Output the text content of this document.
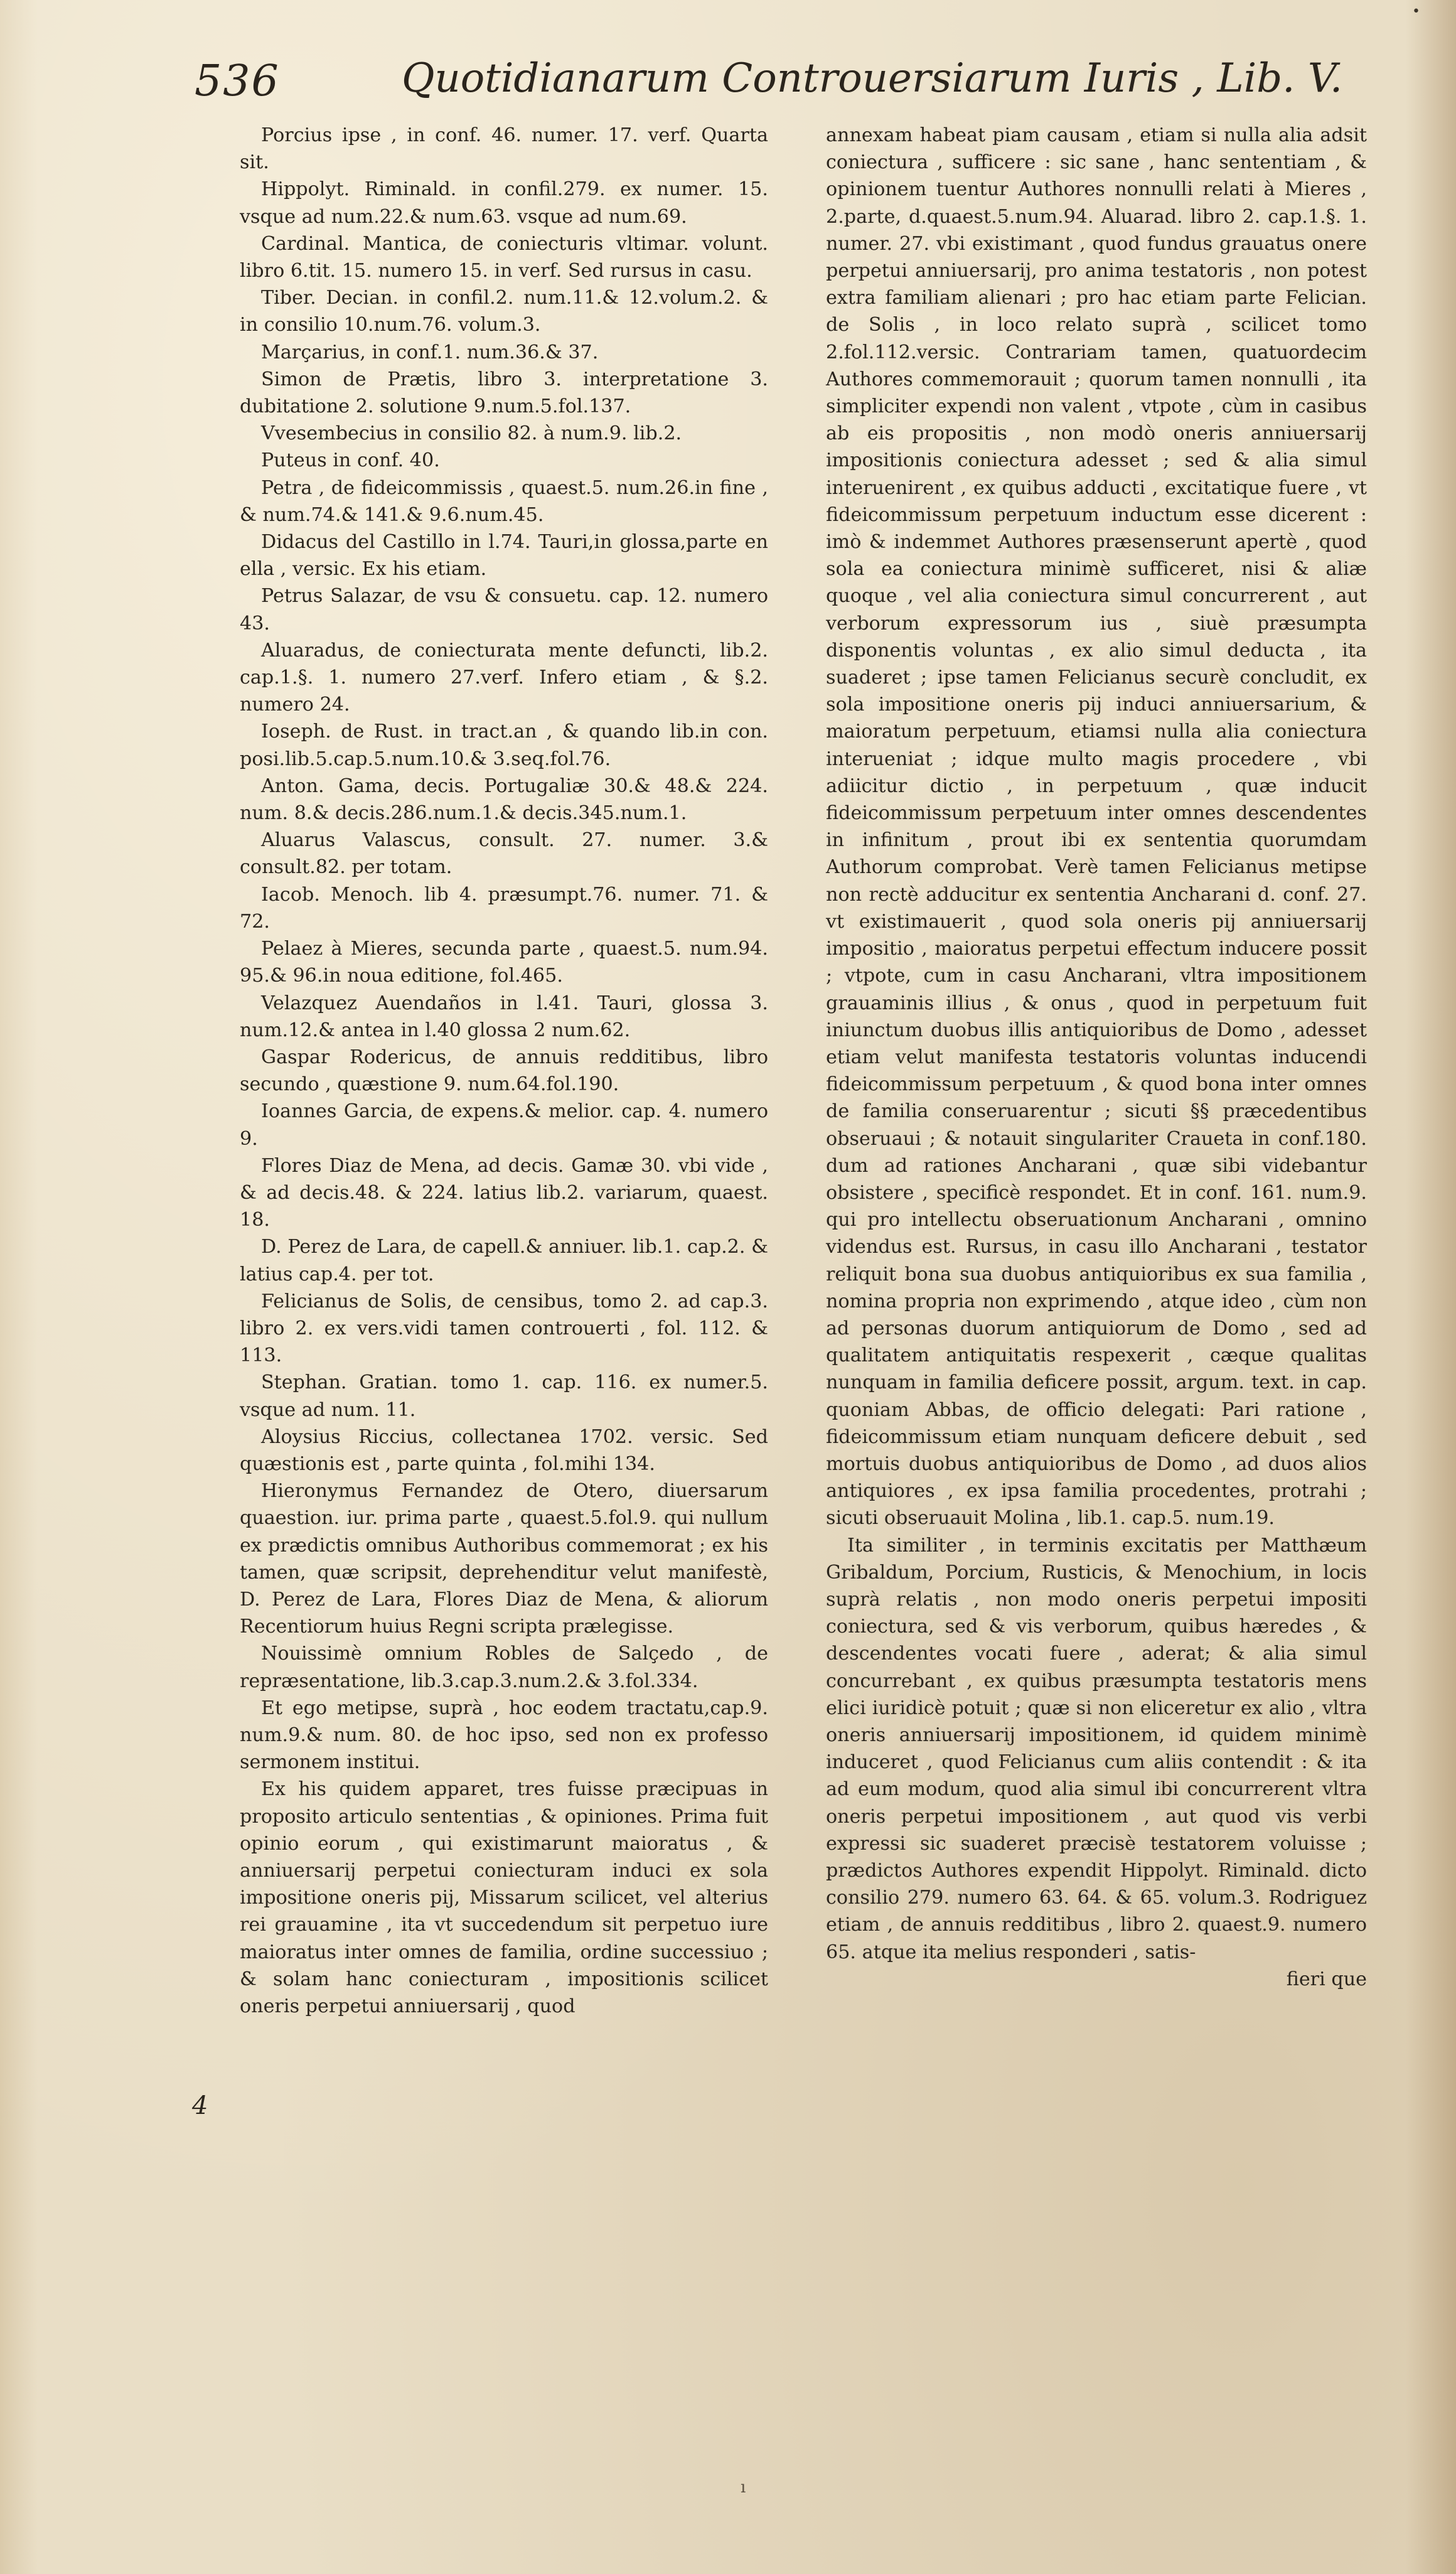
•
536	Quotidianarum Controuersiarum Iuris , Lib. V.

Porcius ipse , in conf. 46. numer. 17. verf. Quarta sit.

Hippolyt. Riminald. in confil.279. ex numer. 15. vsque ad num.22.& num.63. vsque ad num.69.

Cardinal. Mantica, de coniecturis vltimar. volunt. libro 6.tit. 15. numero 15. in verf. Sed rursus in casu.

Tiber. Decian. in confil.2. num.11.& 12.volum.2. & in consilio 10.num.76. volum.3.

Marçarius, in conf.1. num.36.& 37.

Simon de Prætis, libro 3. interpretatione 3. dubitatione 2. solutione 9.num.5.fol.137.

Vvesembecius in consilio 82. à num.9. lib.2.

Puteus in conf. 40.

Petra , de fideicommissis , quaest.5. num.26.in fine , & num.74.& 141.& 9.6.num.45.

Didacus del Castillo in l.74. Tauri,in glossa,parte en ella , versic. Ex his etiam.

Petrus Salazar, de vsu & consuetu. cap. 12. numero 43.

Aluaradus, de coniecturata mente defuncti, lib.2. cap.1.§. 1. numero 27.verf. Infero etiam , & §.2. numero 24.

Ioseph. de Rust. in tract.an , & quando lib.in con. posi.lib.5.cap.5.num.10.& 3.seq.fol.76.

Anton. Gama, decis. Portugaliæ 30.& 48.& 224. num. 8.& decis.286.num.1.& decis.345.num.1.

Aluarus Valascus, consult. 27. numer. 3.& consult.82. per totam.

Iacob. Menoch. lib 4. præsumpt.76. numer. 71. & 72.

Pelaez à Mieres, secunda parte , quaest.5. num.94. 95.& 96.in noua editione, fol.465.

Velazquez Auendaños in l.41. Tauri, glossa 3. num.12.& antea in l.40 glossa 2 num.62.

Gaspar Rodericus, de annuis redditibus, libro secundo , quæstione 9. num.64.fol.190.

Ioannes Garcia, de expens.& melior. cap. 4. numero 9.

Flores Diaz de Mena, ad decis. Gamæ 30. vbi vide , & ad decis.48. & 224. latius lib.2. variarum, quaest. 18.

D. Perez de Lara, de capell.& anniuer. lib.1. cap.2. & latius cap.4. per tot.

Felicianus de Solis, de censibus, tomo 2. ad cap.3. libro 2. ex vers.vidi tamen controuerti , fol. 112. & 113.

Stephan. Gratian. tomo 1. cap. 116. ex numer.5. vsque ad num. 11.

Aloysius Riccius, collectanea 1702. versic. Sed quæstionis est , parte quinta , fol.mihi 134.

Hieronymus Fernandez de Otero, diuersarum quaestion. iur. prima parte , quaest.5.fol.9. qui nullum ex prædictis omnibus Authoribus commemorat ; ex his tamen, quæ scripsit, deprehenditur velut manifestè, D. Perez de Lara, Flores Diaz de Mena, & aliorum Recentiorum huius Regni scripta prælegisse.

Nouissimè omnium Robles de Salçedo , de repræsentatione, lib.3.cap.3.num.2.& 3.fol.334.

Et ego metipse, suprà , hoc eodem tractatu,cap.9. num.9.& num. 80. de hoc ipso, sed non ex professo sermonem institui.

Ex his quidem apparet, tres fuisse præcipuas in proposito articulo sententias , & opiniones. Prima fuit opinio eorum , qui existimarunt maioratus , & anniuersarij perpetui coniecturam induci ex sola impositione oneris pij, Missarum scilicet, vel alterius rei grauamine , ita vt succedendum sit perpetuo iure maioratus inter omnes de familia, ordine successiuo ; & solam hanc coniecturam , impositionis scilicet oneris perpetui anniuersarij , quod

annexam habeat piam causam , etiam si nulla alia adsit coniectura , sufficere : sic sane , hanc sententiam , & opinionem tuentur Authores nonnulli relati à Mieres , 2.parte, d.quaest.5.num.94. Aluarad. libro 2. cap.1.§. 1. numer. 27. vbi existimant , quod fundus grauatus onere perpetui anniuersarij, pro anima testatoris , non potest extra familiam alienari ; pro hac etiam parte Felician. de Solis , in loco relato suprà , scilicet tomo 2.fol.112.versic. Contrariam tamen, quatuordecim Authores commemorauit ; quorum tamen nonnulli , ita simpliciter expendi non valent , vtpote , cùm in casibus ab eis propositis , non modò oneris anniuersarij impositionis coniectura adesset ; sed & alia simul interuenirent , ex quibus adducti , excitatique fuere , vt fideicommissum perpetuum inductum esse dicerent : imò & indemmet Authores præsenserunt apertè , quod sola ea coniectura minimè sufficeret, nisi & aliæ quoque , vel alia coniectura simul concurrerent , aut verborum expressorum ius , siuè præsumpta disponentis voluntas , ex alio simul deducta , ita suaderet ; ipse tamen Felicianus securè concludit, ex sola impositione oneris pij induci anniuersarium, & maioratum perpetuum, etiamsi nulla alia coniectura interueniat ; idque multo magis procedere , vbi adiicitur dictio , in perpetuum , quæ inducit fideicommissum perpetuum inter omnes descendentes in infinitum , prout ibi ex sententia quorumdam Authorum comprobat. Verè tamen Felicianus metipse non rectè adducitur ex sententia Ancharani d. conf. 27. vt existimauerit , quod sola oneris pij anniuersarij impositio , maioratus perpetui effectum inducere possit ; vtpote, cum in casu Ancharani, vltra impositionem grauaminis illius , & onus , quod in perpetuum fuit iniunctum duobus illis antiquioribus de Domo , adesset etiam velut manifesta testatoris voluntas inducendi fideicommissum perpetuum , & quod bona inter omnes de familia conseruarentur ; sicuti §§ præcedentibus obseruaui ; & notauit singulariter Craueta in conf.180. dum ad rationes Ancharani , quæ sibi videbantur obsistere , specificè respondet. Et in conf. 161. num.9. qui pro intellectu obseruationum Ancharani , omnino videndus est. Rursus, in casu illo Ancharani , testator reliquit bona sua duobus antiquioribus ex sua familia , nomina propria non exprimendo , atque ideo , cùm non ad personas duorum antiquiorum de Domo , sed ad qualitatem antiquitatis respexerit , cæque qualitas nunquam in familia deficere possit, argum. text. in cap. quoniam Abbas, de officio delegati: Pari ratione , fideicommissum etiam nunquam deficere debuit , sed mortuis duobus antiquioribus de Domo , ad duos alios antiquiores , ex ipsa familia procedentes, protrahi ; sicuti obseruauit Molina , lib.1. cap.5. num.19.

Ita similiter , in terminis excitatis per Matthæum Gribaldum, Porcium, Rusticis, & Menochium, in locis suprà relatis , non modo oneris perpetui impositi coniectura, sed & vis verborum, quibus hæredes , & descendentes vocati fuere , aderat; & alia simul concurrebant , ex quibus præsumpta testatoris mens elici iuridicè potuit ; quæ si non eliceretur ex alio , vltra oneris anniuersarij impositionem, id quidem minimè induceret , quod Felicianus cum aliis contendit : & ita ad eum modum, quod alia simul ibi concurrerent vltra oneris perpetui impositionem , aut quod vis verbi expressi sic suaderet præcisè testatorem voluisse ; prædictos Authores expendit Hippolyt. Riminald. dicto consilio 279. numero 63. 64. & 65. volum.3. Rodriguez etiam , de annuis redditibus , libro 2. quaest.9. numero 65. atque ita melius responderi , satis-

fieri que

4
ı
